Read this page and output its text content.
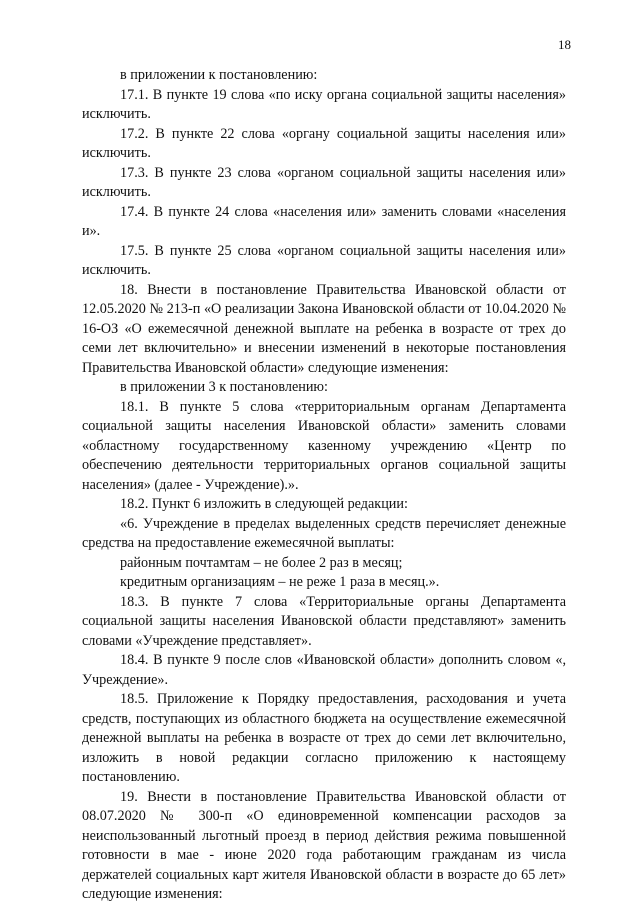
18

в приложении к постановлению:

17.1. В пункте 19 слова «по иску органа социальной защиты населения» исключить.

17.2. В пункте 22 слова «органу социальной защиты населения или» исключить.

17.3. В пункте 23 слова «органом социальной защиты населения или» исключить.

17.4. В пункте 24 слова «населения или» заменить словами «населения и».

17.5. В пункте 25 слова «органом социальной защиты населения или» исключить.

18. Внести в постановление Правительства Ивановской области от 12.05.2020 № 213-п «О реализации Закона Ивановской области от 10.04.2020 № 16-ОЗ «О ежемесячной денежной выплате на ребенка в возрасте от трех до семи лет включительно» и внесении изменений в некоторые постановления Правительства Ивановской области» следующие изменения:

в приложении 3 к постановлению:

18.1. В пункте 5 слова «территориальным органам Департамента социальной защиты населения Ивановской области» заменить словами «областному государственному казенному учреждению «Центр по обеспечению деятельности территориальных органов социальной защиты населения» (далее - Учреждение).».

18.2. Пункт 6 изложить в следующей редакции:

«6. Учреждение в пределах выделенных средств перечисляет денежные средства на предоставление ежемесячной выплаты:

районным почтамтам – не более 2 раз в месяц;

кредитным организациям – не реже 1 раза в месяц.».

18.3. В пункте 7 слова «Территориальные органы Департамента социальной защиты населения Ивановской области представляют» заменить словами «Учреждение представляет».

18.4. В пункте 9 после слов «Ивановской области» дополнить словом «, Учреждение».

18.5. Приложение к Порядку предоставления, расходования и учета средств, поступающих из областного бюджета на осуществление ежемесячной денежной выплаты на ребенка в возрасте от трех до семи лет включительно, изложить в новой редакции согласно приложению к настоящему постановлению.

19. Внести в постановление Правительства Ивановской области от 08.07.2020 № 300-п «О единовременной компенсации расходов за неиспользованный льготный проезд в период действия режима повышенной готовности в мае - июне 2020 года работающим гражданам из числа держателей социальных карт жителя Ивановской области в возрасте до 65 лет» следующие изменения:
